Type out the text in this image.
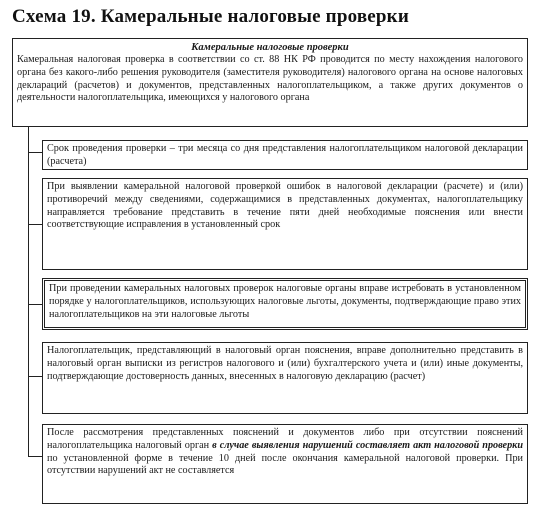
Схема 19. Камеральные налоговые проверки
Камеральные налоговые проверки
Камеральная налоговая проверка в соответствии со ст. 88 НК РФ проводится по месту нахождения налогового органа без какого-либо решения руководителя (заместителя руководителя) налогового органа на основе налоговых деклараций (расчетов) и документов, представленных налогоплательщиком, а также других документов о деятельности налогоплательщика, имеющихся у налогового органа
Срок проведения проверки – три месяца со дня представления налогоплательщиком налоговой декларации (расчета)
При выявлении камеральной налоговой проверкой ошибок в налоговой декларации (расчете) и (или) противоречий между сведениями, содержащимися в представленных документах, налогоплательщику направляется требование представить в течение пяти дней необходимые пояснения или внести соответствующие исправления в установленный срок
При проведении камеральных налоговых проверок налоговые органы вправе истребовать в установленном порядке у налогоплательщиков, использующих налоговые льготы, документы, подтверждающие право этих налогоплательщиков на эти налоговые льготы
Налогоплательщик, представляющий в налоговый орган пояснения, вправе дополнительно представить в налоговый орган выписки из регистров налогового и (или) бухгалтерского учета и (или) иные документы, подтверждающие достоверность данных, внесенных в налоговую декларацию (расчет)
После рассмотрения представленных пояснений и документов либо при отсутствии пояснений налогоплательщика налоговый орган в случае выявления нарушений составляет акт налоговой проверки по установленной форме в течение 10 дней после окончания камеральной налоговой проверки. При отсутствии нарушений акт не составляется
